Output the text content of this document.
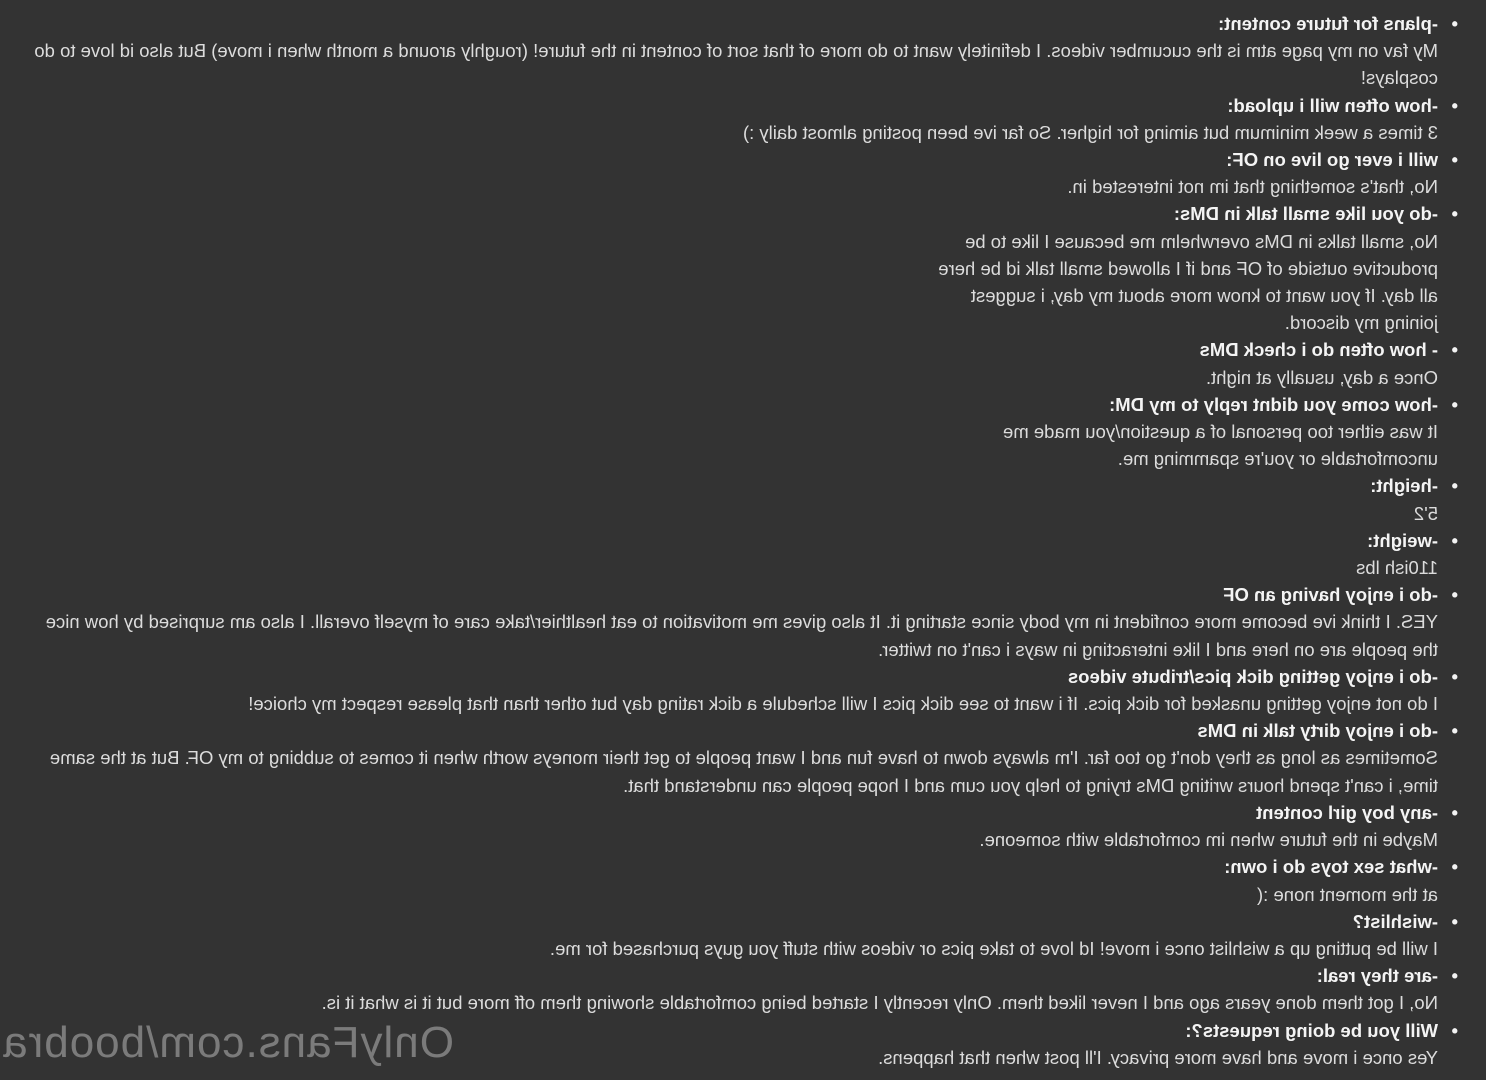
•
-plans for future content:
My fav on my page atm is the cucumber videos. I definitely want to do more of that sort of content in the future! (roughly around a month when i move) But also id love to do cosplays!
•
-how often will i upload:
3 times a week minimum but aiming for higher. So far ive been posting almost daily :)
•
will i ever go live on OF:
No, that's something that im not interested in.
•
-do you like small talk in DMs:
No, small talks in DMs overwhelm me because I like to be productive outside of OF and if I allowed small talk id be here all day. If you want to know more about my day, i suggest joining my discord.
•
- how often do i check DMs
Once a day, usually at night.
•
-how come you didnt reply to my DM:
It was either too personal of a question/you made me uncomfortable or you're spamming me.
•
-height:
5'2
•
-weight:
110ish lbs
•
-do i enjoy having an OF
YES. I think ive become more confident in my body since starting it. It also gives me motivation to eat healthier/take care of myself overall. I also am surprised by how nice the people are on here and I like interacting in ways i can't on twitter.
•
-do i enjoy getting dick pics/tribute videos
I do not enjoy getting unasked for dick pics. If i want to see dick pics I will schedule a dick rating day but other than that please respect my choice!
•
-do i enjoy dirty talk in DMs
Sometimes as long as they don't go too far. I'm always down to have fun and I want people to get their moneys worth when it comes to subbing to my OF. But at the same time, i can't spend hours writing DMs trying to help you cum and I hope people can understand that.
•
-any boy girl content
Maybe in the future when im comfortable with someone.
•
-what sex toys do i own:
at the moment none :(
•
-wishlist?
I will be putting up a wishlist once i move! Id love to take pics or videos with stuff you guys purchased for me.
•
-are they real:
No, I got them done years ago and I never liked them. Only recently I started being comfortable showing them off more but it is what it is.
•
Will you be doing requests?:
Yes once i move and have more privacy. I'll post when that happens.
OnlyFans.com/boobra
